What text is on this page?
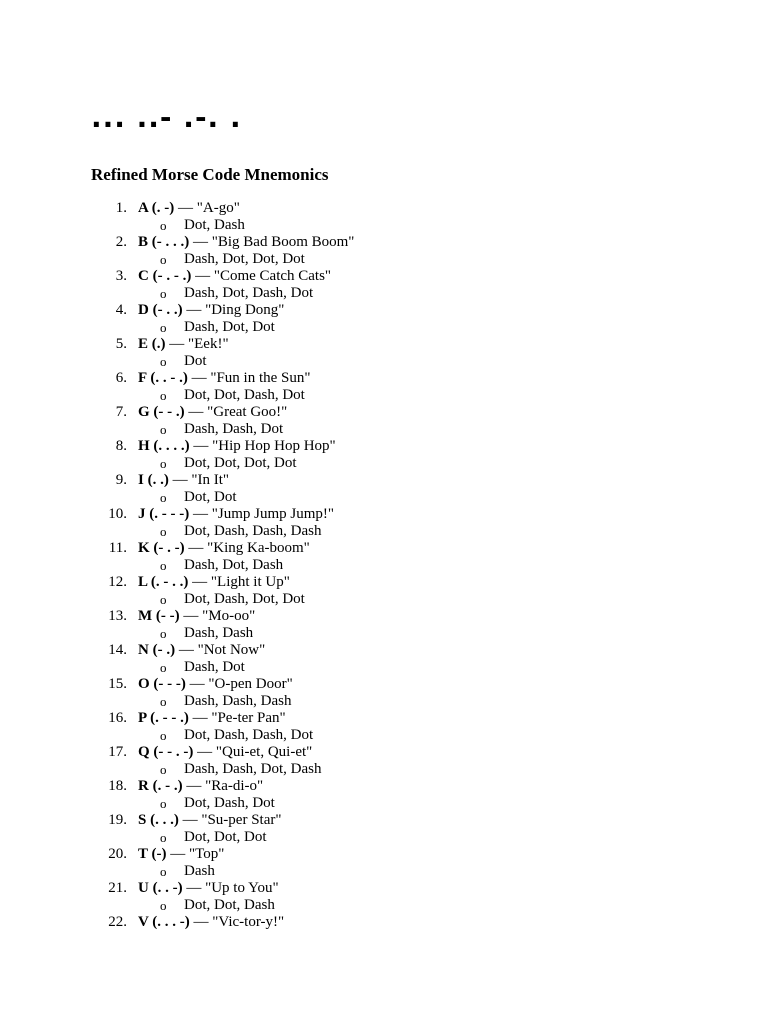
... ..- .-. .
Refined Morse Code Mnemonics
1. A (. -) — "A-go"
o Dot, Dash
2. B (- . . .) — "Big Bad Boom Boom"
o Dash, Dot, Dot, Dot
3. C (- . - .) — "Come Catch Cats"
o Dash, Dot, Dash, Dot
4. D (- . .) — "Ding Dong"
o Dash, Dot, Dot
5. E (.) — "Eek!"
o Dot
6. F (. . - .) — "Fun in the Sun"
o Dot, Dot, Dash, Dot
7. G (- - .) — "Great Goo!"
o Dash, Dash, Dot
8. H (. . . .) — "Hip Hop Hop Hop"
o Dot, Dot, Dot, Dot
9. I (. .) — "In It"
o Dot, Dot
10. J (. - - -) — "Jump Jump Jump!"
o Dot, Dash, Dash, Dash
11. K (- . -) — "King Ka-boom"
o Dash, Dot, Dash
12. L (. - . .) — "Light it Up"
o Dot, Dash, Dot, Dot
13. M (- -) — "Mo-oo"
o Dash, Dash
14. N (- .) — "Not Now"
o Dash, Dot
15. O (- - -) — "O-pen Door"
o Dash, Dash, Dash
16. P (. - - .) — "Pe-ter Pan"
o Dot, Dash, Dash, Dot
17. Q (- - . -) — "Qui-et, Qui-et"
o Dash, Dash, Dot, Dash
18. R (. - .) — "Ra-di-o"
o Dot, Dash, Dot
19. S (. . .) — "Su-per Star"
o Dot, Dot, Dot
20. T (-) — "Top"
o Dash
21. U (. . -) — "Up to You"
o Dot, Dot, Dash
22. V (. . . -) — "Vic-tor-y!"
